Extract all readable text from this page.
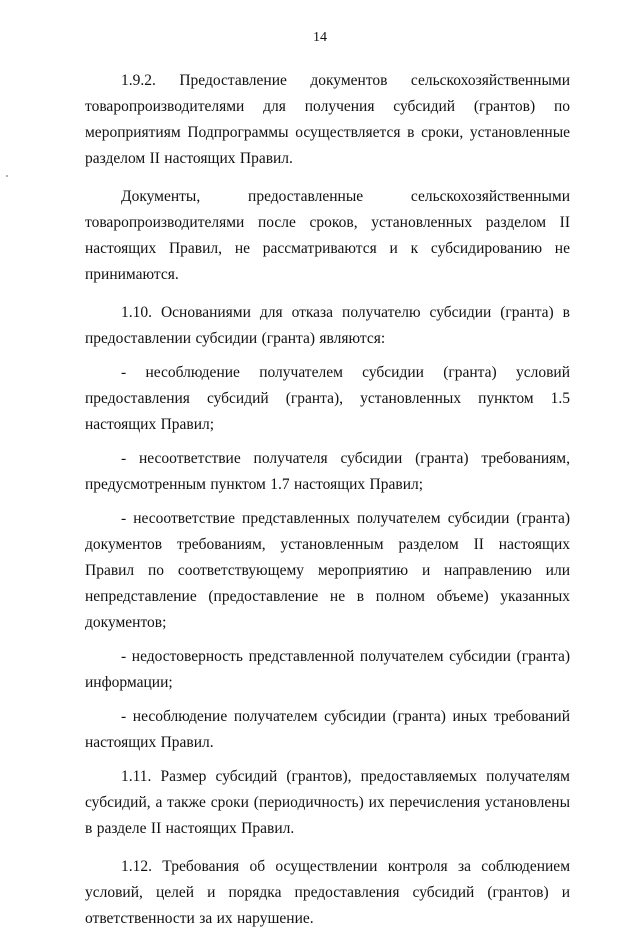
14

1.9.2. Предоставление документов сельскохозяйственными товаропроизводителями для получения субсидий (грантов) по мероприятиям Подпрограммы осуществляется в сроки, установленные разделом II настоящих Правил.

Документы, предоставленные сельскохозяйственными товаропроизводителями после сроков, установленных разделом II настоящих Правил, не рассматриваются и к субсидированию не принимаются.

1.10. Основаниями для отказа получателю субсидии (гранта) в предоставлении субсидии (гранта) являются:

- несоблюдение получателем субсидии (гранта) условий предоставления субсидий (гранта), установленных пунктом 1.5 настоящих Правил;

- несоответствие получателя субсидии (гранта) требованиям, предусмотренным пунктом 1.7 настоящих Правил;

- несоответствие представленных получателем субсидии (гранта) документов требованиям, установленным разделом II настоящих Правил по соответствующему мероприятию и направлению или непредставление (предоставление не в полном объеме) указанных документов;

- недостоверность представленной получателем субсидии (гранта) информации;

- несоблюдение получателем субсидии (гранта) иных требований настоящих Правил.

1.11. Размер субсидий (грантов), предоставляемых получателям субсидий, а также сроки (периодичность) их перечисления установлены в разделе II настоящих Правил.

1.12. Требования об осуществлении контроля за соблюдением условий, целей и порядка предоставления субсидий (грантов) и ответственности за их нарушение.
